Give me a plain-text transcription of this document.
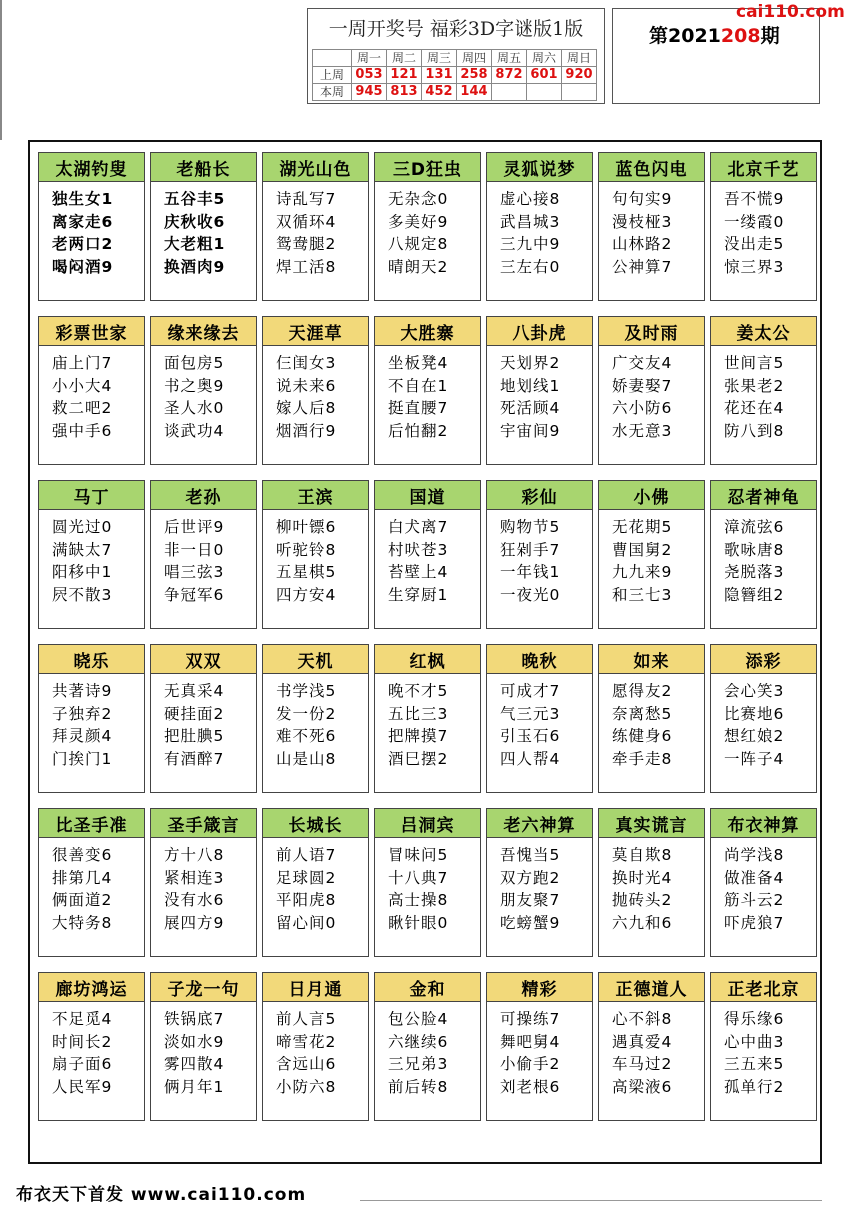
一周开奖号 福彩3D字谜版1版
	周一	周二	周三	周四	周五	周六	周日
上周	053	121	131	258	872	601	920
本周	945	813	452	144			
第2021208期
cai110.com
太湖钓叟
独生女1
离家走6
老两口2
喝闷酒9
老船长
五谷丰5
庆秋收6
大老粗1
换酒肉9
湖光山色
诗乱写7
双循环4
鸳鸯腿2
焊工活8
三D狂虫
无杂念0
多美好9
八规定8
晴朗天2
灵狐说梦
虚心接8
武昌城3
三九中9
三左右0
蓝色闪电
句句实9
漫枝桠3
山林路2
公神算7
北京千艺
吾不慌9
一缕霞0
没出走5
惊三界3
彩票世家
庙上门7
小小大4
救二吧2
强中手6
缘来缘去
面包房5
书之奥9
圣人水0
谈武功4
天涯草
仨闺女3
说未来6
嫁人后8
烟酒行9
大胜寨
坐板凳4
不自在1
挺直腰7
后怕翻2
八卦虎
天划界2
地划线1
死活顾4
宇宙间9
及时雨
广交友4
娇妻娶7
六小防6
水无意3
姜太公
世间言5
张果老2
花还在4
防八到8
马丁
圆光过0
满缺太7
阳移中1
屄不散3
老孙
后世评9
非一日0
唱三弦3
争冠军6
王滨
柳叶镖6
听驼铃8
五星棋5
四方安4
国道
白犬离7
村吠苍3
苔壁上4
生穿厨1
彩仙
购物节5
狂剁手7
一年钱1
一夜光0
小佛
无花期5
曹国舅2
九九来9
和三七3
忍者神龟
漳流弦6
歌咏唐8
尧脱落3
隐簪组2
晓乐
共著诗9
子独弃2
拜灵颜4
门挨门1
双双
无真采4
硬挂面2
把肚腆5
有酒醉7
天机
书学浅5
发一份2
难不死6
山是山8
红枫
晚不才5
五比三3
把牌摸7
酒巳摆2
晚秋
可成才7
气三元3
引玉石6
四人帮4
如来
愿得友2
奈离愁5
练健身6
牵手走8
添彩
会心笑3
比赛地6
想红娘2
一阵子4
比圣手准
很善变6
排第几4
俩面道2
大特务8
圣手箴言
方十八8
紧相连3
没有水6
展四方9
长城长
前人语7
足球圆2
平阳虎8
留心间0
吕洞宾
冒味问5
十八典7
高士操8
瞅针眼0
老六神算
吾愧当5
双方跑2
朋友聚7
吃螃蟹9
真实谎言
莫自欺8
换时光4
抛砖头2
六九和6
布衣神算
尚学浅8
做准备4
筋斗云2
吓虎狼7
廊坊鸿运
不足觅4
时间长2
扇子面6
人民军9
子龙一句
铁锅底7
淡如水9
雾四散4
俩月年1
日月通
前人言5
啼雪花2
含远山6
小防六8
金和
包公脸4
六继续6
三兄弟3
前后转8
精彩
可操练7
舞吧舅4
小偷手2
刘老根6
正德道人
心不斜8
遇真爱4
车马过2
高梁液6
正老北京
得乐缘6
心中曲3
三五来5
孤单行2
布衣天下首发 www.cai110.com
